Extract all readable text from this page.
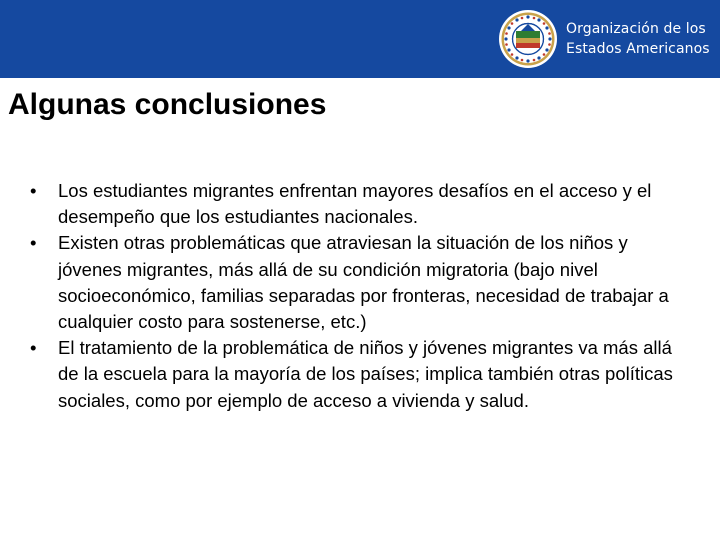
Organización de los
Estados Americanos
Algunas conclusiones
•	Los estudiantes migrantes enfrentan mayores desafíos en el acceso y el desempeño que los estudiantes nacionales.
•	Existen otras problemáticas que atraviesan la situación de los niños y jóvenes migrantes, más allá de su condición migratoria (bajo nivel socioeconómico, familias separadas por fronteras, necesidad de trabajar a cualquier costo para sostenerse, etc.)
•	El tratamiento de la problemática de niños y jóvenes migrantes va más allá de la escuela para la mayoría de los países; implica también otras políticas sociales, como por ejemplo de acceso a vivienda y salud.
